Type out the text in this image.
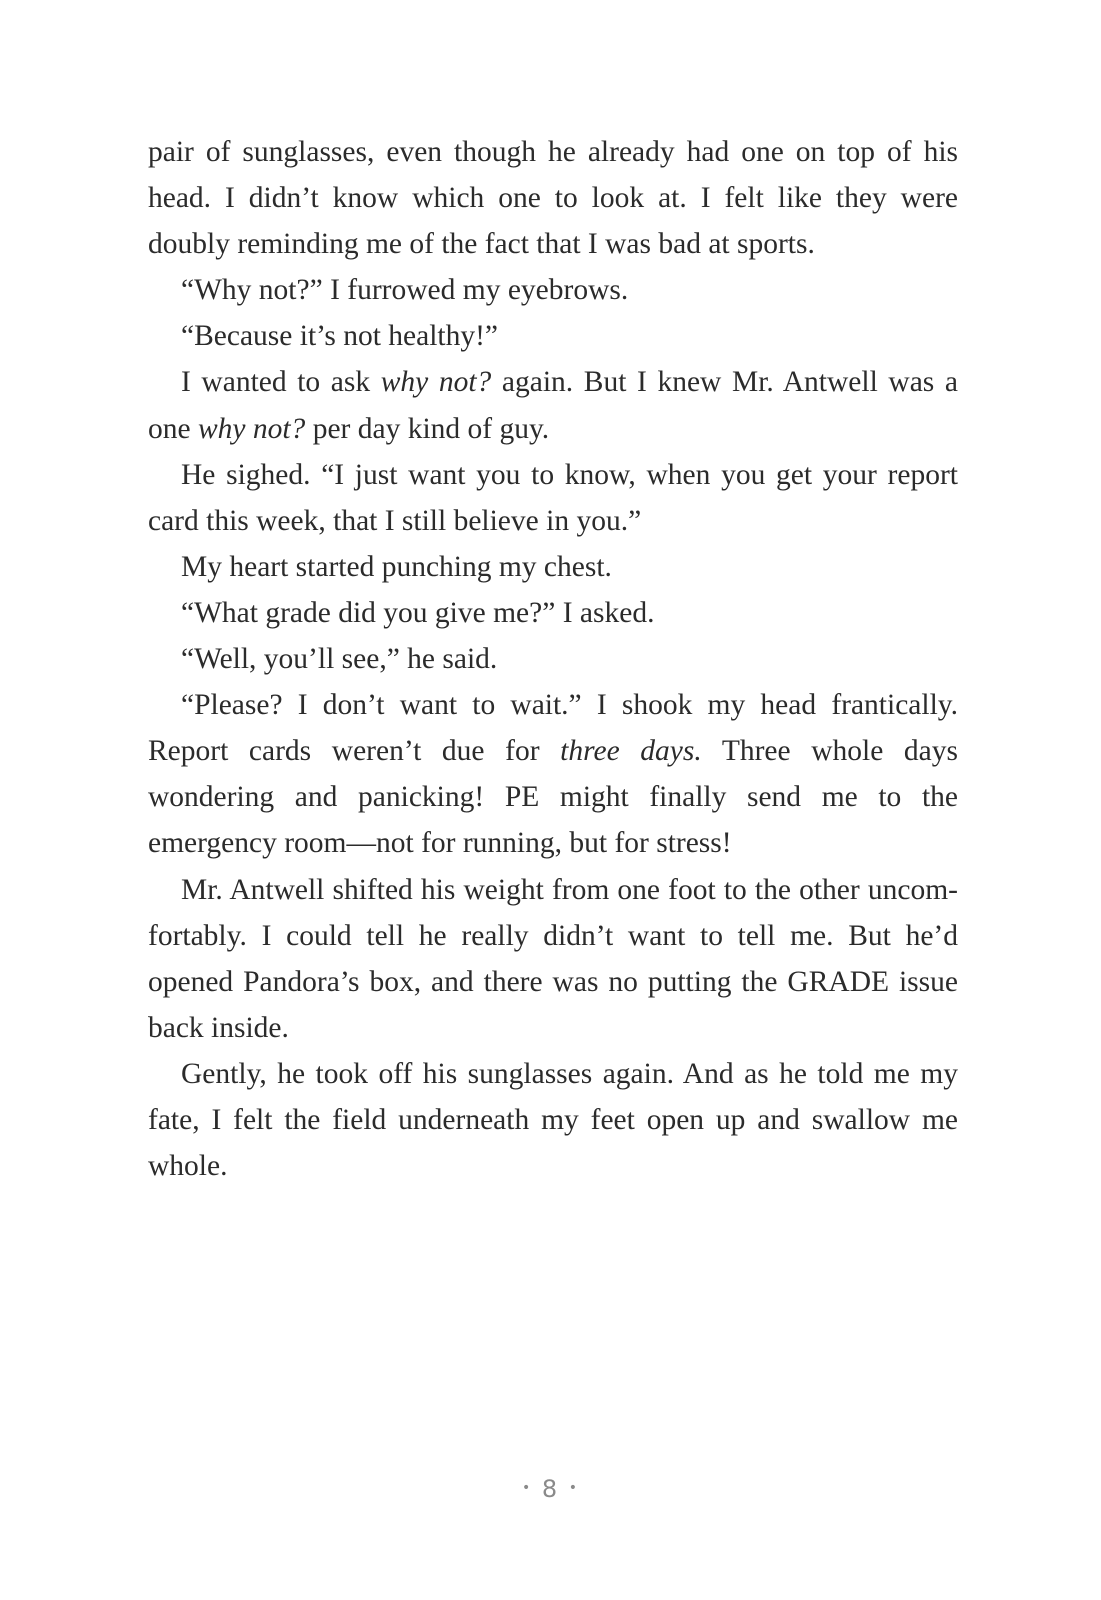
pair of sunglasses, even though he already had one on top of his head. I didn’t know which one to look at. I felt like they were doubly reminding me of the fact that I was bad at sports.

“Why not?” I furrowed my eyebrows.

“Because it’s not healthy!”

I wanted to ask why not? again. But I knew Mr. Antwell was a one why not? per day kind of guy.

He sighed. “I just want you to know, when you get your report card this week, that I still believe in you.”

My heart started punching my chest.

“What grade did you give me?” I asked.

“Well, you’ll see,” he said.

“Please? I don’t want to wait.” I shook my head frantically. Report cards weren’t due for three days. Three whole days wondering and panicking! PE might finally send me to the emergency room—not for running, but for stress!

Mr. Antwell shifted his weight from one foot to the other uncomfortably. I could tell he really didn’t want to tell me. But he’d opened Pandora’s box, and there was no putting the GRADE issue back inside.

Gently, he took off his sunglasses again. And as he told me my fate, I felt the field underneath my feet open up and swallow me whole.

• 8 •
